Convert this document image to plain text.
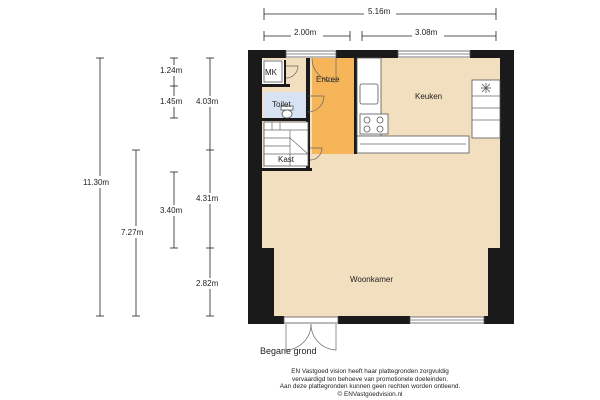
MK
Entree
Toilet
Kast
Keuken
Woonkamer
5.16m
2.00m	3.08m
11.30m
7.27m
1.24m
1.45m
3.40m
4.03m
4.31m
2.82m
Begane grond
EN Vastgoed vision heeft haar plattegronden zorgvuldig
vervaardigd ten behoeve van promotionele doeleinden.
Aan deze plattegronden kunnen geen rechten worden ontleend.
© ENVastgoedvision.nl
